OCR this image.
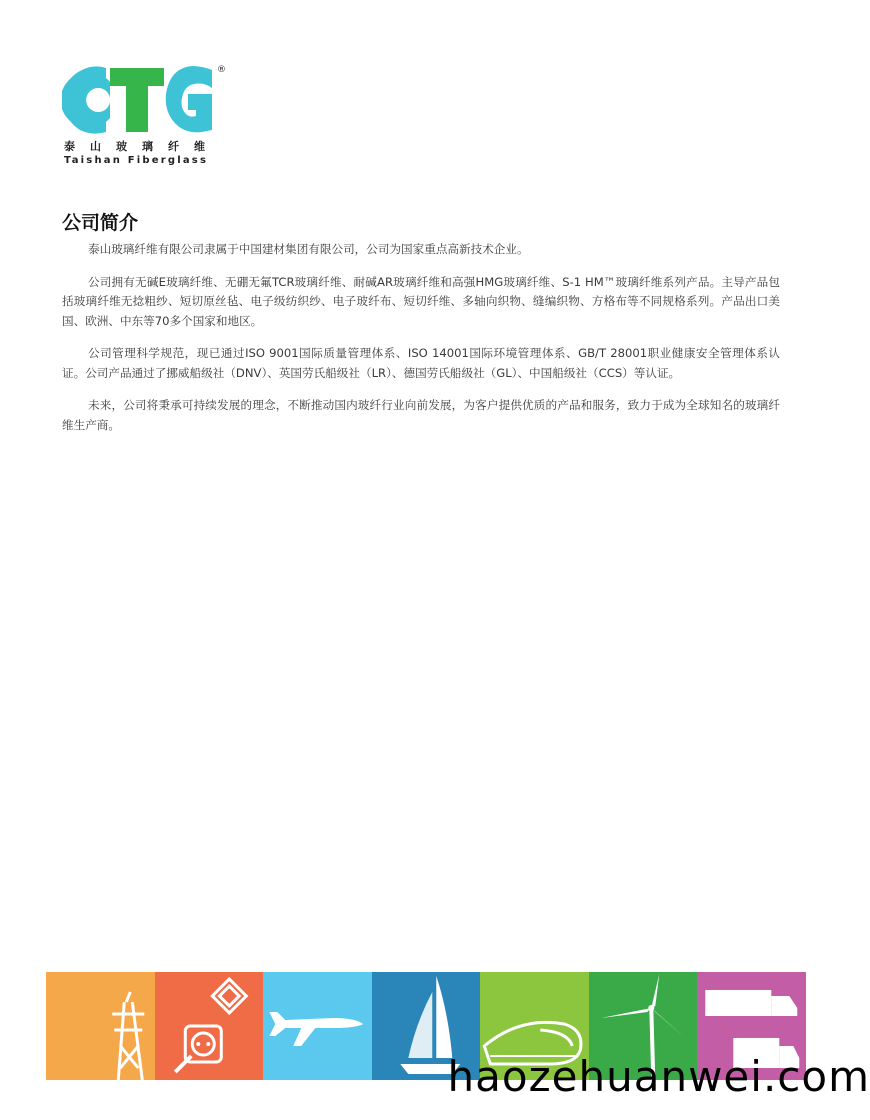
®
泰山玻璃纤维
Taishan Fiberglass
公司简介

泰山玻璃纤维有限公司隶属于中国建材集团有限公司，公司为国家重点高新技术企业。

公司拥有无碱E玻璃纤维、无硼无氟TCR玻璃纤维、耐碱AR玻璃纤维和高强HMG玻璃纤维、S-1 HM™玻璃纤维系列产品。主导产品包括玻璃纤维无捻粗纱、短切原丝毡、电子级纺织纱、电子玻纤布、短切纤维、多轴向织物、缝编织物、方格布等不同规格系列。产品出口美国、欧洲、中东等70多个国家和地区。

公司管理科学规范，现已通过ISO 9001国际质量管理体系、ISO 14001国际环境管理体系、GB/T 28001职业健康安全管理体系认证。公司产品通过了挪威船级社（DNV）、英国劳氏船级社（LR）、德国劳氏船级社（GL）、中国船级社（CCS）等认证。

未来，公司将秉承可持续发展的理念，不断推动国内玻纤行业向前发展，为客户提供优质的产品和服务，致力于成为全球知名的玻璃纤维生产商。

haozehuanwei.com
